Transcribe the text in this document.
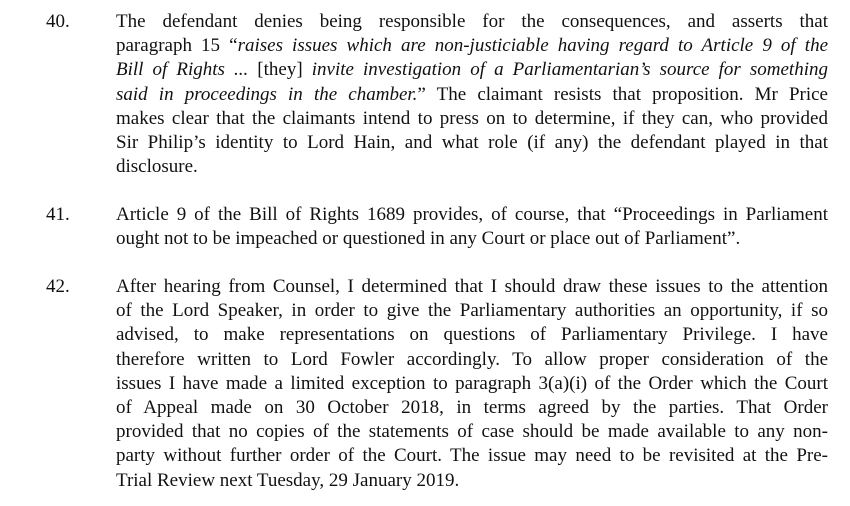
40. The defendant denies being responsible for the consequences, and asserts that
paragraph 15 “raises issues which are non-justiciable having regard to Article 9 of the
Bill of Rights ... [they] invite investigation of a Parliamentarian’s source for something
said in proceedings in the chamber.” The claimant resists that proposition. Mr Price
makes clear that the claimants intend to press on to determine, if they can, who provided
Sir Philip’s identity to Lord Hain, and what role (if any) the defendant played in that
disclosure.
41. Article 9 of the Bill of Rights 1689 provides, of course, that “Proceedings in Parliament
ought not to be impeached or questioned in any Court or place out of Parliament”.
42. After hearing from Counsel, I determined that I should draw these issues to the attention
of the Lord Speaker, in order to give the Parliamentary authorities an opportunity, if so
advised, to make representations on questions of Parliamentary Privilege. I have
therefore written to Lord Fowler accordingly. To allow proper consideration of the
issues I have made a limited exception to paragraph 3(a)(i) of the Order which the Court
of Appeal made on 30 October 2018, in terms agreed by the parties. That Order
provided that no copies of the statements of case should be made available to any non-
party without further order of the Court. The issue may need to be revisited at the Pre-
Trial Review next Tuesday, 29 January 2019.
